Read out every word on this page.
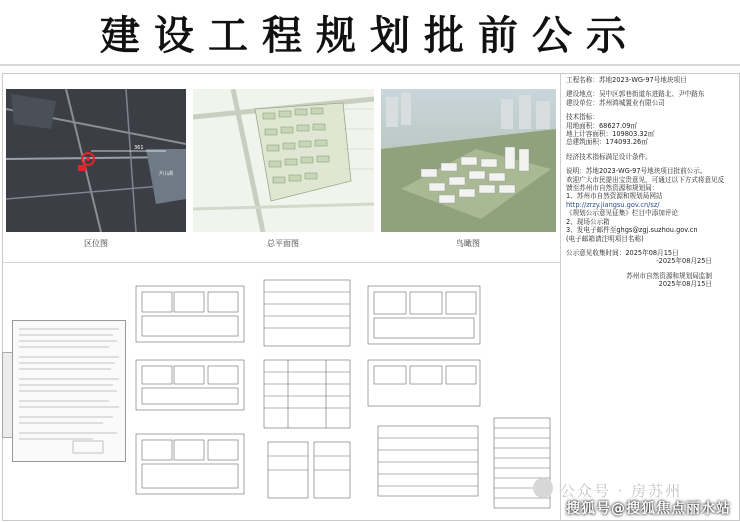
建设工程规划批前公示
361
尹山湖
区位图	总平面图	鸟瞰图
工程名称：苏地2023-WG-97号地块项目
建设地点：吴中区郭巷街道东进路北、尹中路东
建设单位：苏州鸿城置业有限公司
技术指标：
用地面积：68627.09㎡
地上计容面积：109803.32㎡
总建筑面积：174093.26㎡
经济技术指标满足设计条件。
说明：苏地2023-WG-97号地块项目批前公示。
欢迎广大市民提出宝贵意见，可通过以下方式将意见反
馈至苏州市自然资源和规划局：
1、苏州市自然资源和规划局网站
http://zrzy.jiangsu.gov.cn/sz/
《规划公示意见征集》栏目中添加评论
2、现场公示箱
3、发电子邮件至ghgs@zgj.suzhou.gov.cn
(电子邮箱请注明项目名称)
公示意见收集时间：2025年08月15日
-2025年08月25日
苏州市自然资源和规划局监制
2025年08月15日
公众号 · 房苏州
搜狐号@搜狐焦点丽水站
